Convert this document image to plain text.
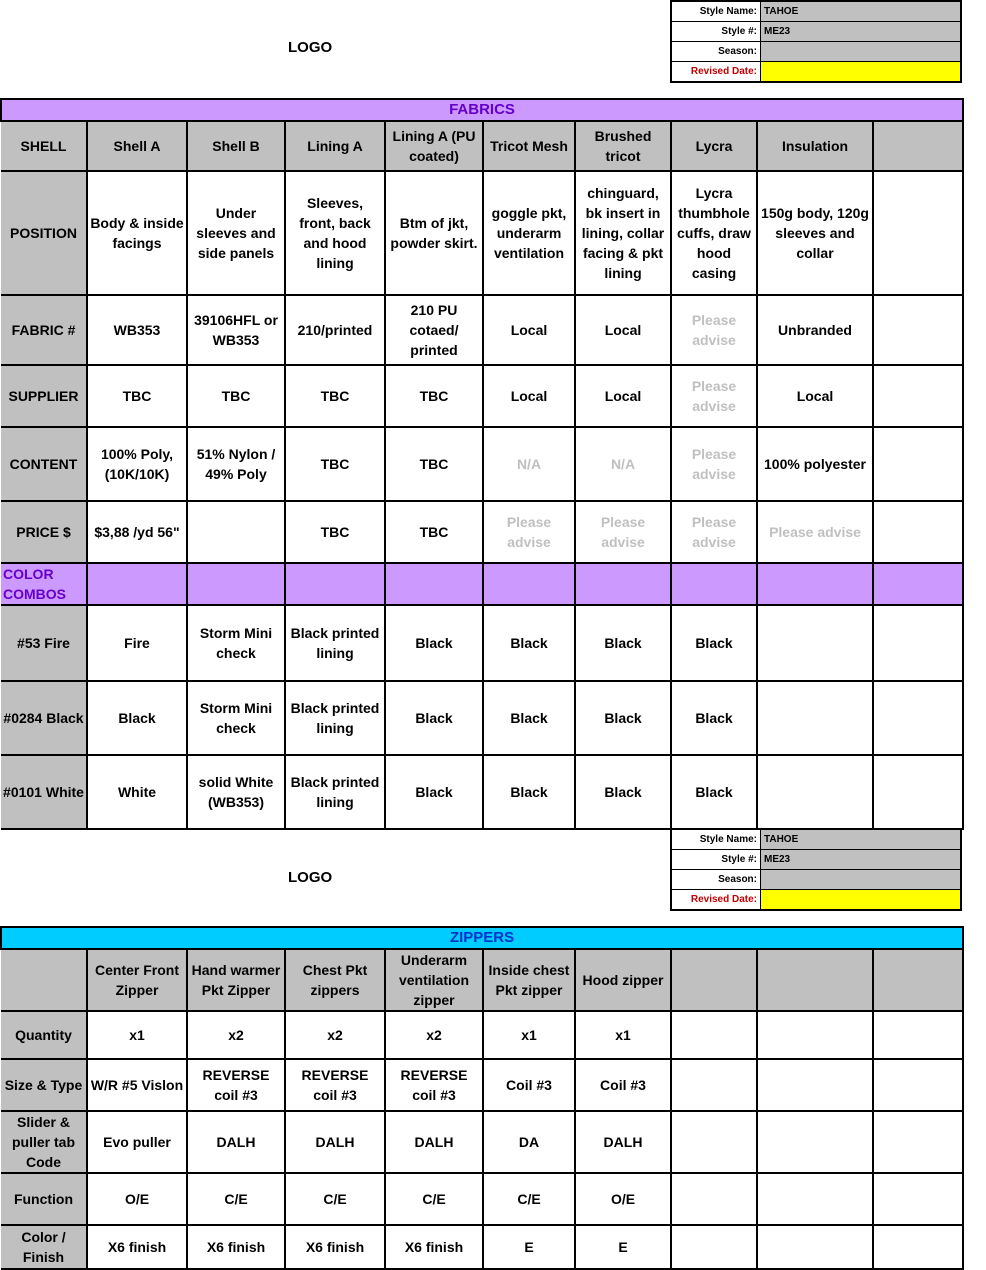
LOGO
Style Name:	TAHOE
Style #:	ME23
Season:	
Revised Date:	
FABRICS									
SHELL	Shell A	Shell B	Lining A	Lining A (PU coated)	Tricot Mesh	Brushed tricot	Lycra	Insulation	
POSITION	Body & inside facings	Under sleeves and side panels	Sleeves, front, back and hood lining	Btm of jkt, powder skirt.	goggle pkt, underarm ventilation	chinguard, bk insert in lining, collar facing & pkt lining	Lycra thumbhole cuffs, draw hood casing	150g body, 120g sleeves and collar	
FABRIC #	WB353	39106HFL or WB353	210/printed	210 PU cotaed/ printed	Local	Local	Please advise	Unbranded	
SUPPLIER	TBC	TBC	TBC	TBC	Local	Local	Please advise	Local	
CONTENT	100% Poly, (10K/10K)	51% Nylon / 49% Poly	TBC	TBC	N/A	N/A	Please advise	100% polyester	
PRICE $	$3,88 /yd 56"		TBC	TBC	Please advise	Please advise	Please advise	Please advise	
COLOR COMBOS									
#53 Fire	Fire	Storm Mini check	Black printed lining	Black	Black	Black	Black		
#0284 Black	Black	Storm Mini check	Black printed lining	Black	Black	Black	Black		
#0101 White	White	solid White (WB353)	Black printed lining	Black	Black	Black	Black		
LOGO
Style Name:	TAHOE
Style #:	ME23
Season:	
Revised Date:	
ZIPPERS									
	Center Front Zipper	Hand warmer Pkt Zipper	Chest Pkt zippers	Underarm ventilation zipper	Inside chest Pkt zipper	Hood zipper			
Quantity	x1	x2	x2	x2	x1	x1			
Size & Type	W/R #5 Vislon	REVERSE coil #3	REVERSE coil #3	REVERSE coil #3	Coil #3	Coil #3			
Slider & puller tab Code	Evo puller	DALH	DALH	DALH	DA	DALH			
Function	O/E	C/E	C/E	C/E	C/E	O/E			
Color / Finish	X6 finish	X6 finish	X6 finish	X6 finish	E	E			
